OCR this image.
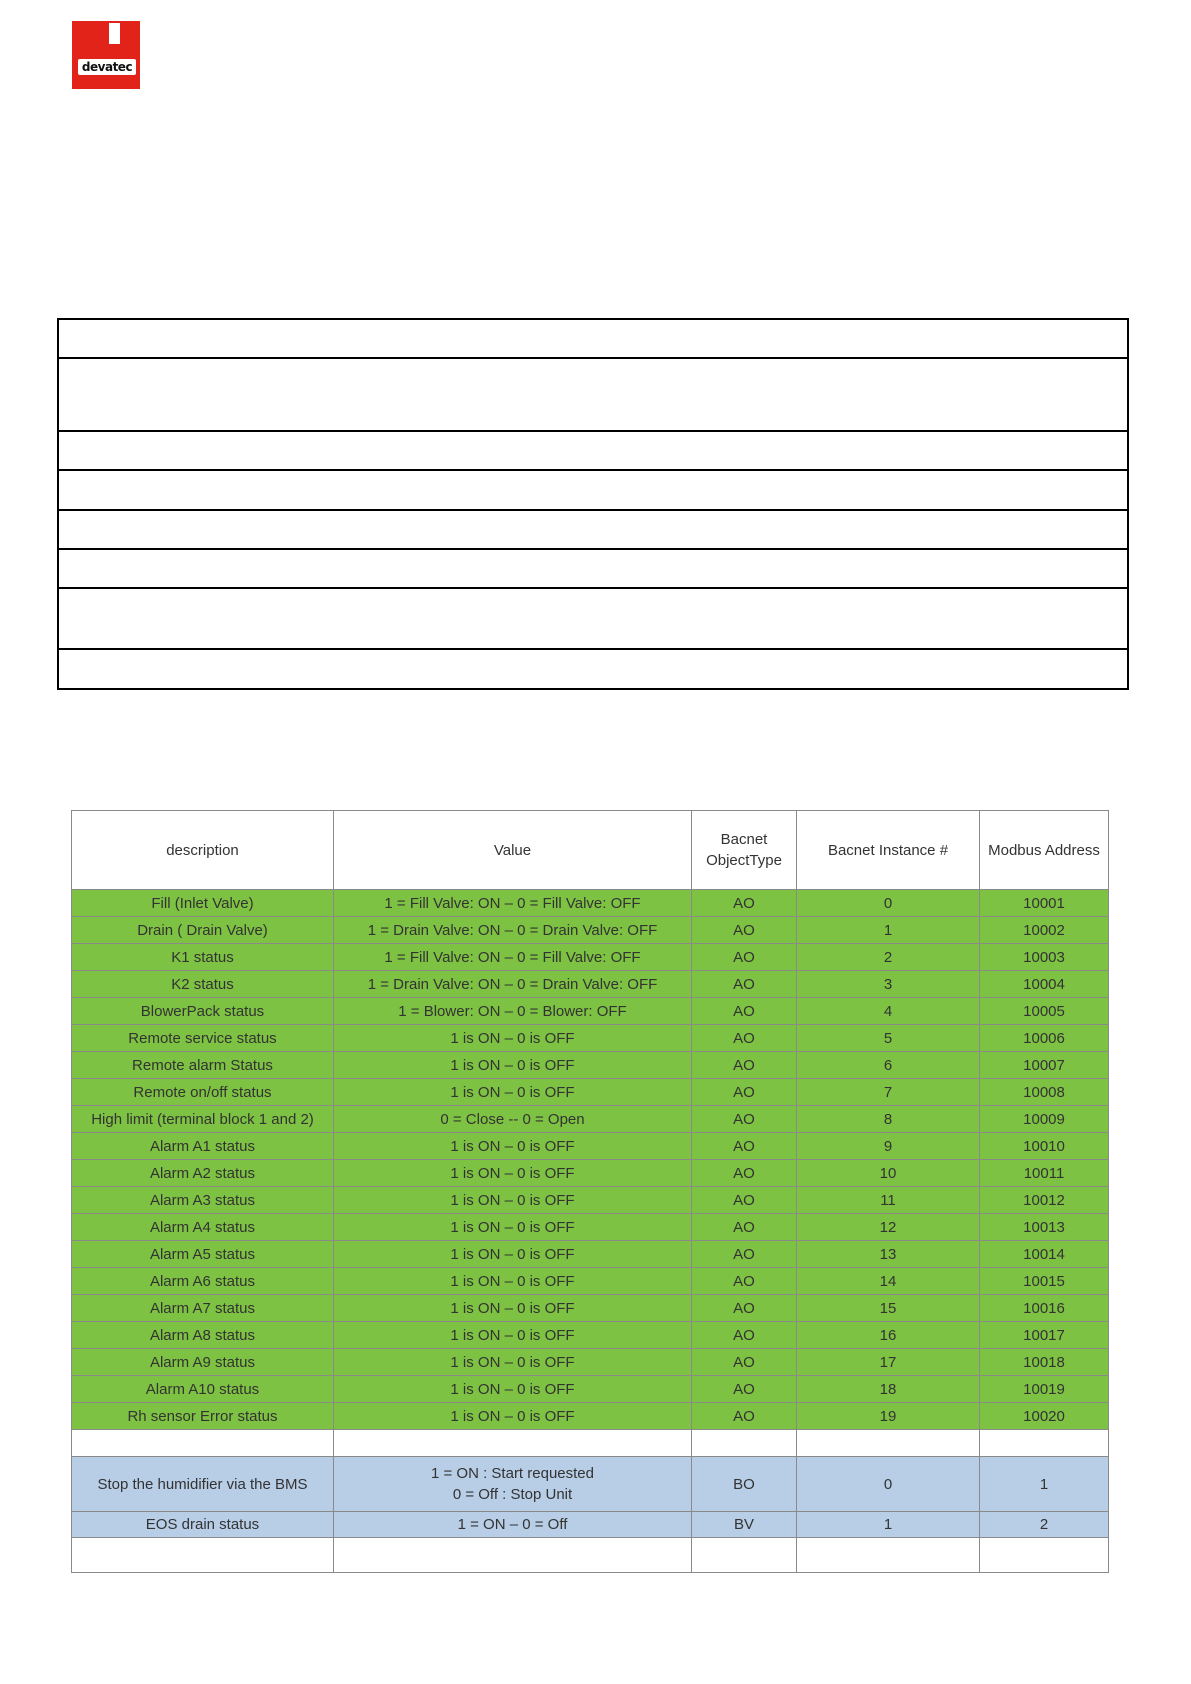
devatec

description	Value	Bacnet ObjectType	Bacnet Instance #	Modbus Address
Fill (Inlet Valve)	1 = Fill Valve: ON – 0 = Fill Valve: OFF	AO	0	10001
Drain ( Drain Valve)	1 = Drain Valve: ON – 0 = Drain Valve: OFF	AO	1	10002
K1 status	1 = Fill Valve: ON – 0 = Fill Valve: OFF	AO	2	10003
K2 status	1 = Drain Valve: ON – 0 = Drain Valve: OFF	AO	3	10004
BlowerPack status	1 = Blower: ON – 0 = Blower: OFF	AO	4	10005
Remote service status	1 is ON – 0 is OFF	AO	5	10006
Remote alarm Status	1 is ON – 0 is OFF	AO	6	10007
Remote on/off status	1 is ON – 0 is OFF	AO	7	10008
High limit (terminal block 1 and 2)	0 = Close -- 0 = Open	AO	8	10009
Alarm A1 status	1 is ON – 0 is OFF	AO	9	10010
Alarm A2 status	1 is ON – 0 is OFF	AO	10	10011
Alarm A3 status	1 is ON – 0 is OFF	AO	11	10012
Alarm A4 status	1 is ON – 0 is OFF	AO	12	10013
Alarm A5 status	1 is ON – 0 is OFF	AO	13	10014
Alarm A6 status	1 is ON – 0 is OFF	AO	14	10015
Alarm A7 status	1 is ON – 0 is OFF	AO	15	10016
Alarm A8 status	1 is ON – 0 is OFF	AO	16	10017
Alarm A9 status	1 is ON – 0 is OFF	AO	17	10018
Alarm A10 status	1 is ON – 0 is OFF	AO	18	10019
Rh sensor Error status	1 is ON – 0 is OFF	AO	19	10020

Stop the humidifier via the BMS	1 = ON : Start requested
0 = Off : Stop Unit	BO	0	1
EOS drain status	1 = ON – 0 = Off	BV	1	2
